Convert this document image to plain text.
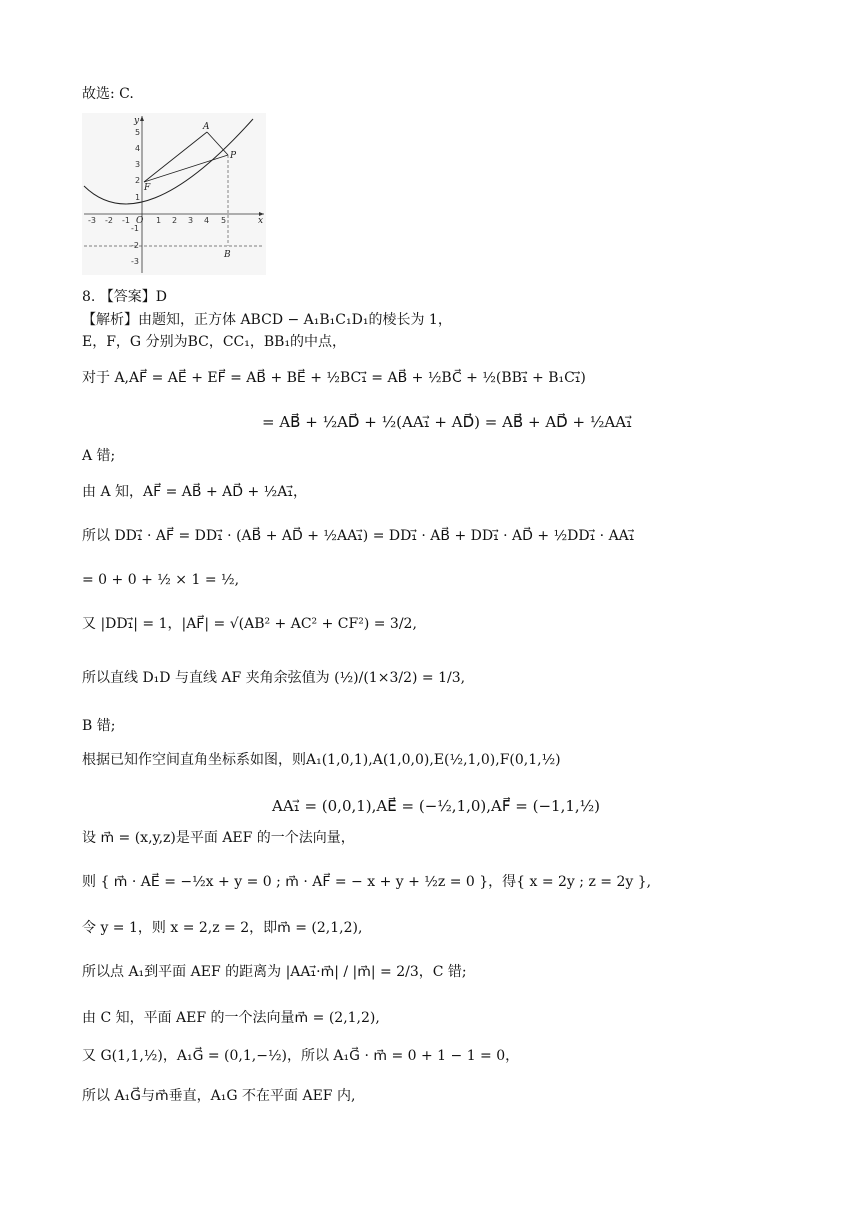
故选: C.
x
y
-3 -2 -1 O 1 2 3 4 5
5
4
3
2
1
-1
-2
-3
A
P
F
B
8. 【答案】D
【解析】由题知，正方体 ABCD − A₁B₁C₁D₁的棱长为 1，
E，F，G 分别为BC，CC₁，BB₁的中点，
对于 A,AF⃗ = AE⃗ + EF⃗ = AB⃗ + BE⃗ + ½BC₁⃗ = AB⃗ + ½BC⃗ + ½(BB₁⃗ + B₁C₁⃗)
= AB⃗ + ½AD⃗ + ½(AA₁⃗ + AD⃗) = AB⃗ + AD⃗ + ½AA₁⃗
A 错;
由 A 知，AF⃗ = AB⃗ + AD⃗ + ½A₁⃗，
所以 DD₁⃗ · AF⃗ = DD₁⃗ · (AB⃗ + AD⃗ + ½AA₁⃗) = DD₁⃗ · AB⃗ + DD₁⃗ · AD⃗ + ½DD₁⃗ · AA₁⃗
= 0 + 0 + ½ × 1 = ½,
又 |DD₁⃗| = 1，|AF⃗| = √(AB² + AC² + CF²) = 3/2,
所以直线 D₁D 与直线 AF 夹角余弦值为 (½)/(1×3/2) = 1/3,
B 错;
根据已知作空间直角坐标系如图，则A₁(1,0,1),A(1,0,0),E(½,1,0),F(0,1,½)
AA₁⃗ = (0,0,1),AE⃗ = (−½,1,0),AF⃗ = (−1,1,½)
设 m⃗ = (x,y,z)是平面 AEF 的一个法向量，
则 { m⃗ · AE⃗ = −½x + y = 0 ; m⃗ · AF⃗ = − x + y + ½z = 0 }，得{ x = 2y ; z = 2y },
令 y = 1，则 x = 2,z = 2，即m⃗ = (2,1,2),
所以点 A₁到平面 AEF 的距离为 |AA₁⃗·m⃗| / |m⃗| = 2/3，C 错;
由 C 知，平面 AEF 的一个法向量m⃗ = (2,1,2),
又 G(1,1,½)，A₁G⃗ = (0,1,−½)，所以 A₁G⃗ · m⃗ = 0 + 1 − 1 = 0，
所以 A₁G⃗与m⃗垂直，A₁G 不在平面 AEF 内,
